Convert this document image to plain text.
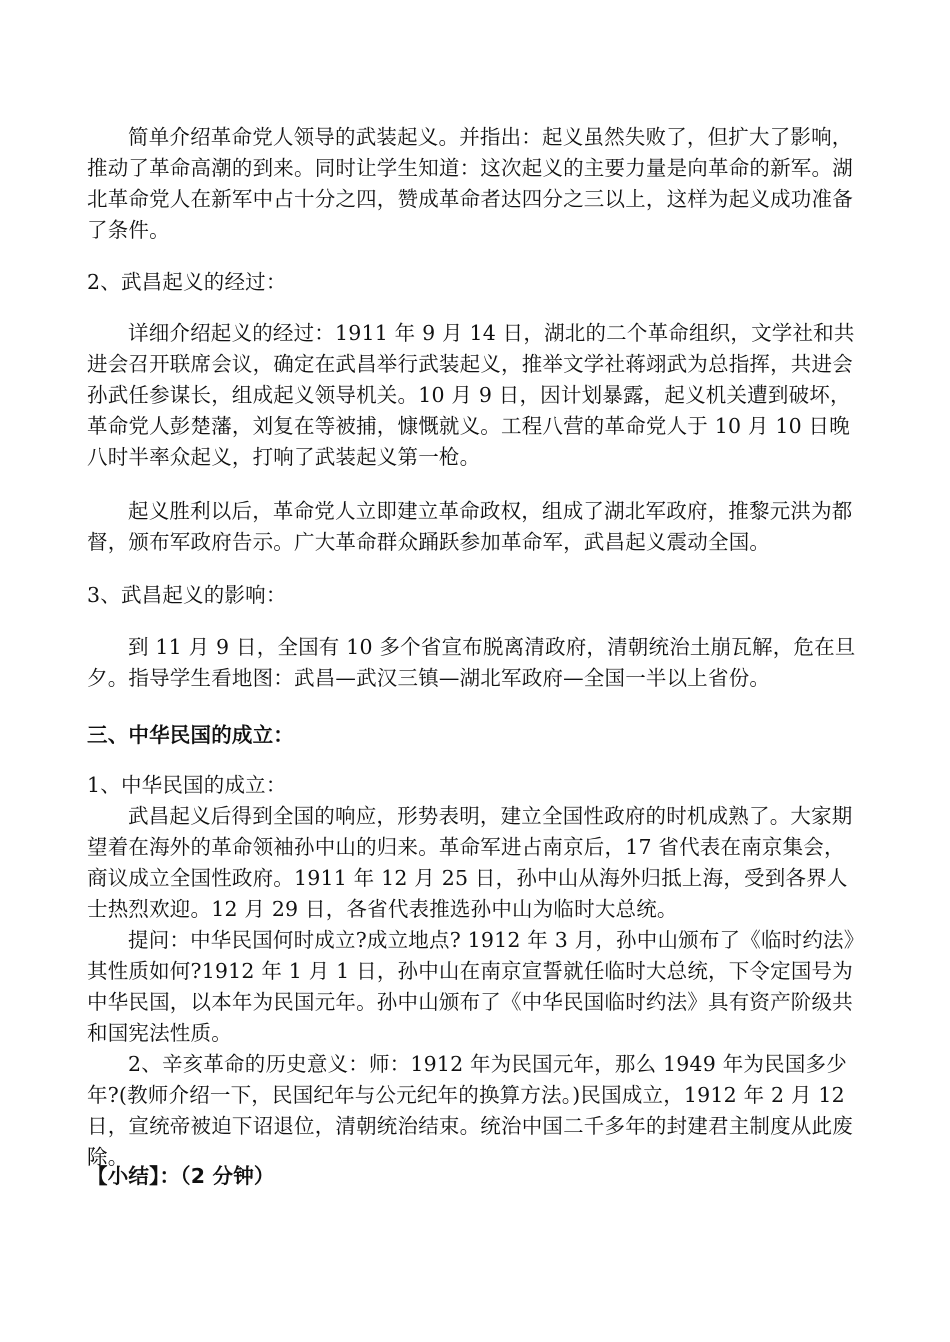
简单介绍革命党人领导的武装起义。并指出：起义虽然失败了，但扩大了影响，推动了革命高潮的到来。同时让学生知道：这次起义的主要力量是向革命的新军。湖北革命党人在新军中占十分之四，赞成革命者达四分之三以上，这样为起义成功准备了条件。

2、武昌起义的经过：

详细介绍起义的经过：1911 年 9 月 14 日，湖北的二个革命组织，文学社和共进会召开联席会议，确定在武昌举行武装起义，推举文学社蒋翊武为总指挥，共进会孙武任参谋长，组成起义领导机关。10 月 9 日，因计划暴露，起义机关遭到破坏，革命党人彭楚藩，刘复在等被捕，慷慨就义。工程八营的革命党人于 10 月 10 日晚八时半率众起义，打响了武装起义第一枪。

起义胜利以后，革命党人立即建立革命政权，组成了湖北军政府，推黎元洪为都督，颁布军政府告示。广大革命群众踊跃参加革命军，武昌起义震动全国。

3、武昌起义的影响：

到 11 月 9 日，全国有 10 多个省宣布脱离清政府，清朝统治土崩瓦解，危在旦夕。指导学生看地图：武昌—武汉三镇—湖北军政府—全国一半以上省份。

三、中华民国的成立：

1、中华民国的成立：

武昌起义后得到全国的响应，形势表明，建立全国性政府的时机成熟了。大家期望着在海外的革命领袖孙中山的归来。革命军进占南京后，17 省代表在南京集会，商议成立全国性政府。1911 年 12 月 25 日，孙中山从海外归抵上海，受到各界人士热烈欢迎。12 月 29 日，各省代表推选孙中山为临时大总统。

提问：中华民国何时成立?成立地点? 1912 年 3 月，孙中山颁布了《临时约法》其性质如何?1912 年 1 月 1 日，孙中山在南京宣誓就任临时大总统，下令定国号为中华民国，以本年为民国元年。孙中山颁布了《中华民国临时约法》具有资产阶级共和国宪法性质。

2、辛亥革命的历史意义：师：1912 年为民国元年，那么 1949 年为民国多少年?(教师介绍一下，民国纪年与公元纪年的换算方法。)民国成立，1912 年 2 月 12 日，宣统帝被迫下诏退位，清朝统治结束。统治中国二千多年的封建君主制度从此废除。

【小结】：（2 分钟）
